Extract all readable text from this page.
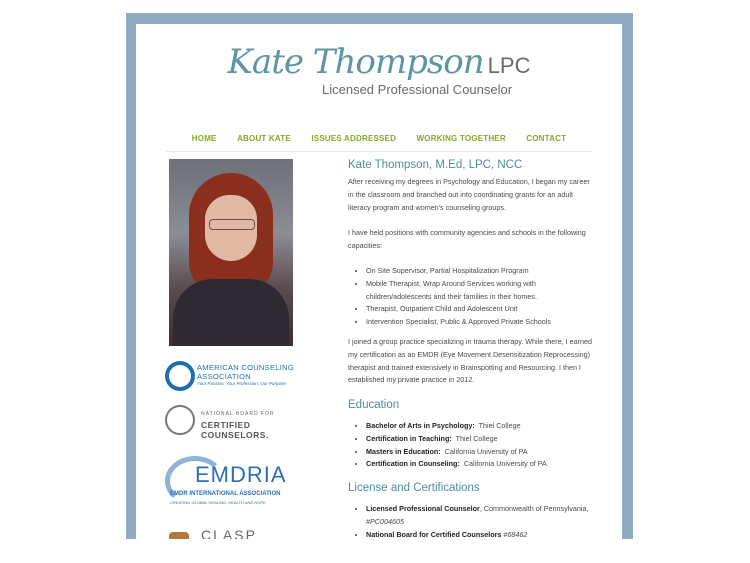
Kate Thompson LPC
Licensed Professional Counselor
HOME	ABOUT KATE	ISSUES ADDRESSED	WORKING TOGETHER	CONTACT
AMERICAN COUNSELING
ASSOCIATION
Your Passion. Your Profession. Our Purpose.
NATIONAL BOARD FOR
CERTIFIED COUNSELORS.
EMDRIA
EMDR INTERNATIONAL ASSOCIATION
CREATING GLOBAL HEALING, HEALTH AND HOPE
CLASP
Kate Thompson, M.Ed, LPC, NCC
After receiving my degrees in Psychology and Education, I began my career in the classroom and branched out into coordinating grants for an adult literacy program and women's counseling groups.
I have held positions with community agencies and schools in the following capacities:
• On Site Supervisor, Partial Hospitalization Program
• Mobile Therapist, Wrap Around Services working with children/adolescents and their families in their homes.
• Therapist, Outpatient Child and Adolescent Unit
• Intervention Specialist, Public & Approved Private Schools
I joined a group practice specializing in trauma therapy. While there, I earned my certification as an EMDR (Eye Movement Desensitization Reprocessing) therapist and trained extensively in Brainspotting and Resourcing. I then I established my private practice in 2012.
Education
• Bachelor of Arts in Psychology: Thiel College
• Certification in Teaching: Thiel College
• Masters in Education: California University of PA
• Certification in Counseling: California University of PA
License and Certifications
• Licensed Professional Counselor, Commonwealth of Pennsylvania, #PC004605
• National Board for Certified Counselors #68462
